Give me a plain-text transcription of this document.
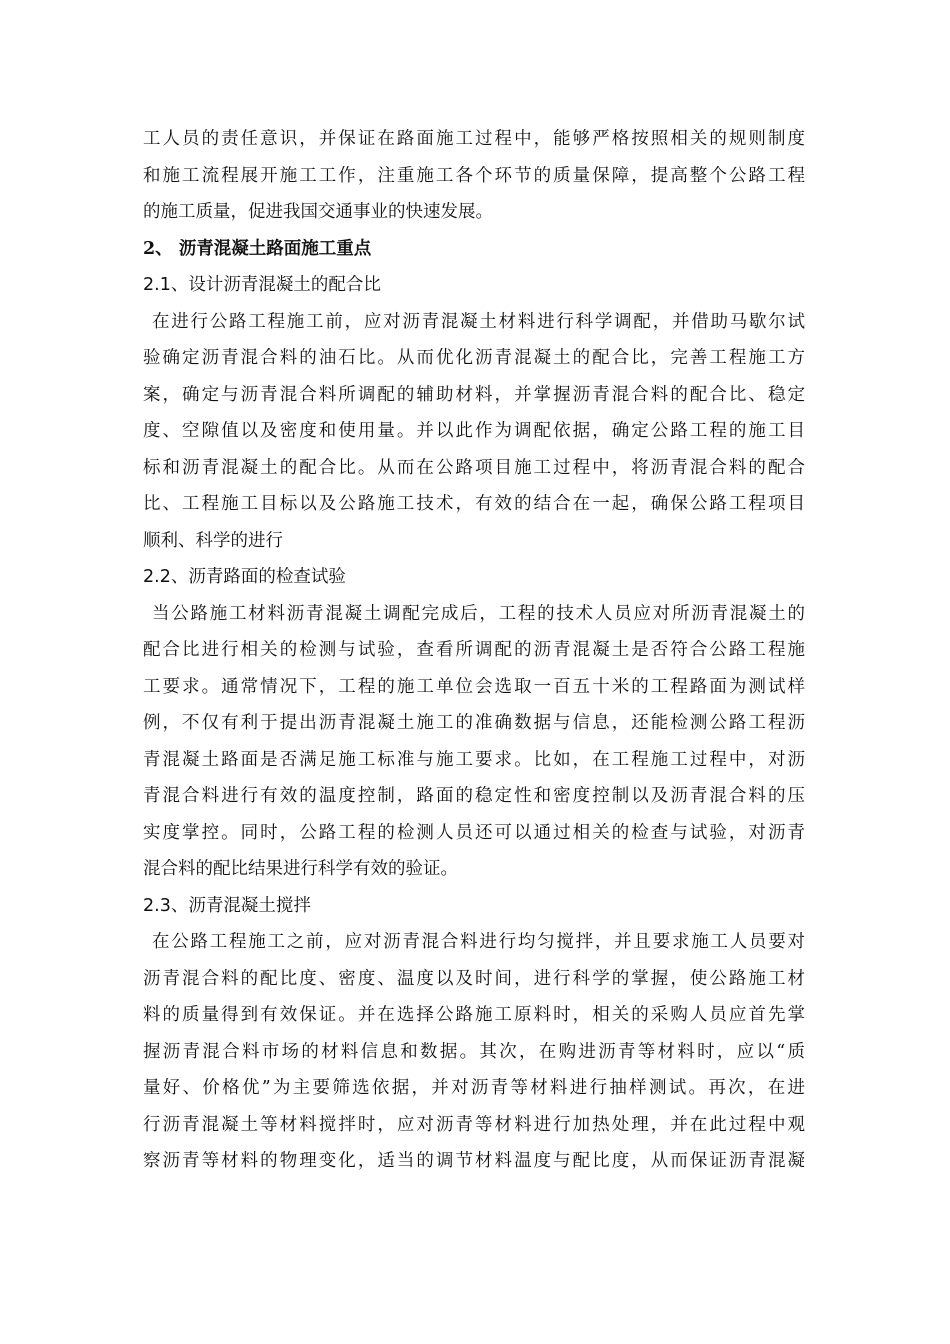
工人员的责任意识，并保证在路面施工过程中，能够严格按照相关的规则制度
和施工流程展开施工工作，注重施工各个环节的质量保障，提高整个公路工程
的施工质量，促进我国交通事业的快速发展。
2、 沥青混凝土路面施工重点
2.1、设计沥青混凝土的配合比
在进行公路工程施工前，应对沥青混凝土材料进行科学调配，并借助马歇尔试
验确定沥青混合料的油石比。从而优化沥青混凝土的配合比，完善工程施工方
案，确定与沥青混合料所调配的辅助材料，并掌握沥青混合料的配合比、稳定
度、空隙值以及密度和使用量。并以此作为调配依据，确定公路工程的施工目
标和沥青混凝土的配合比。从而在公路项目施工过程中，将沥青混合料的配合
比、工程施工目标以及公路施工技术，有效的结合在一起，确保公路工程项目
顺利、科学的进行
2.2、沥青路面的检查试验
当公路施工材料沥青混凝土调配完成后，工程的技术人员应对所沥青混凝土的
配合比进行相关的检测与试验，查看所调配的沥青混凝土是否符合公路工程施
工要求。通常情况下，工程的施工单位会选取一百五十米的工程路面为测试样
例，不仅有利于提出沥青混凝土施工的准确数据与信息，还能检测公路工程沥
青混凝土路面是否满足施工标准与施工要求。比如，在工程施工过程中，对沥
青混合料进行有效的温度控制，路面的稳定性和密度控制以及沥青混合料的压
实度掌控。同时，公路工程的检测人员还可以通过相关的检查与试验，对沥青
混合料的配比结果进行科学有效的验证。
2.3、沥青混凝土搅拌
在公路工程施工之前，应对沥青混合料进行均匀搅拌，并且要求施工人员要对
沥青混合料的配比度、密度、温度以及时间，进行科学的掌握，使公路施工材
料的质量得到有效保证。并在选择公路施工原料时，相关的采购人员应首先掌
握沥青混合料市场的材料信息和数据。其次，在购进沥青等材料时，应以“质
量好、价格优”为主要筛选依据，并对沥青等材料进行抽样测试。再次，在进
行沥青混凝土等材料搅拌时，应对沥青等材料进行加热处理，并在此过程中观
察沥青等材料的物理变化，适当的调节材料温度与配比度，从而保证沥青混凝
